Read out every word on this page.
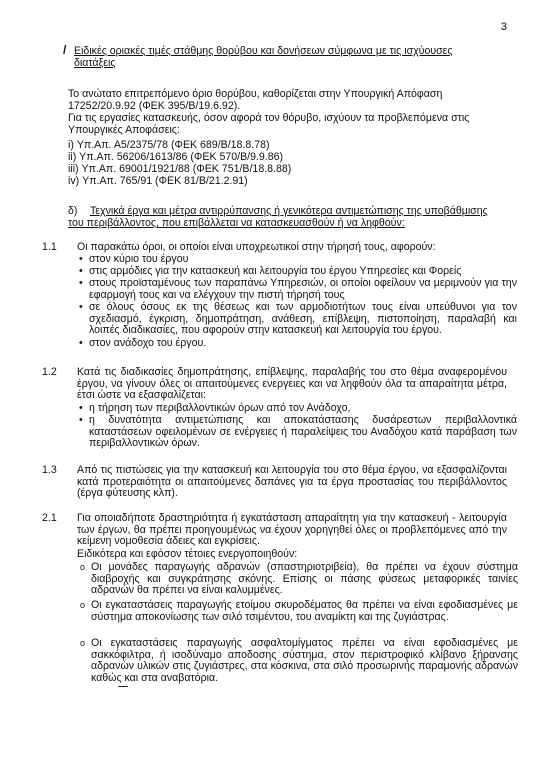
3

/ Ειδικές οριακές τιμές στάθμης θορύβου και δονήσεων σύμφωνα με τις ισχύουσες

διατάξεις

Το ανώτατο επιτρεπόμενο όριο θορύβου, καθορίζεται στην Υπουργική Απόφαση

17252/20.9.92 (ΦΕΚ 395/Β/19.6.92).

Για τις εργασίες κατασκευής, όσον αφορά τον θόρυβο, ισχύουν τα προβλεπόμενα στις

Υπουργικές Αποφάσεις:

i) Υπ.Απ. Α5/2375/78 (ΦΕΚ 689/Β/18.8.78)

ii) Υπ.Απ. 56206/1613/86 (ΦΕΚ 570/Β/9.9.86)

iii) Υπ.Απ. 69001/1921/88 (ΦΕΚ 751/Β/18.8.88)

iv) Υπ.Απ. 765/91 (ΦΕΚ 81/Β/21.2.91)

δ) Τεχνικά έργα και μέτρα αντιρρύπανσης ή γενικότερα αντιμετώπισης της υποβάθμισης

του περιβάλλοντος, που επιβάλλεται να κατασκευασθούν ή να ληφθούν:

1.1 Οι παρακάτω όροι, οι οποίοι είναι υποχρεωτικοί στην τήρησή τους, αφορούν:

• στον κύριο του έργου

• στις αρμόδιες για την κατασκευή και λειτουργία του έργου Υπηρεσίες και Φορείς

• στους προϊσταμένους των παραπάνω Υπηρεσιών, οι οποίοι οφείλουν να μεριμνούν για την εφαρμογή τους και να ελέγχουν την πιστή τήρησή τους

• σε όλους όσους εκ της θέσεως και των αρμοδιοτήτων τους είναι υπεύθυνοι για τον σχεδιασμό, έγκριση, δημοπράτηση, ανάθεση, επίβλεψη, πιστοποίηση, παραλαβή και λοιπές διαδικασίες, που αφορούν στην κατασκευή και λειτουργία του έργου.

• στον ανάδοχο του έργου.

1.2 Κατά τις διαδικασίες δημοπράτησης, επίβλεψης, παραλαβής του στο θέμα αναφερομένου έργου, να γίνουν όλες οι απαιτούμενες ενεργειες και να ληφθούν όλα τα απαραίτητα μέτρα, έτσι ώστε να εξασφαλίζεται:

• η τήρηση των περιβαλλοντικών όρων από τον Ανάδοχο,

• η δυνατότητα αντιμετώπισης και αποκατάστασης δυσάρεστων περιβαλλοντικά καταστάσεων οφειλομένων σε ενέργειες ή παραλείψεις του Αναδόχου κατά παράβαση των περιβαλλοντικών όρων.

1.3 Από τις πιστώσεις για την κατασκευή και λειτουργία του στο θέμα έργου, να εξασφαλίζονται κατά προτεραιότητα οι απαιτούμενες δαπάνες για τα έργα προστασίας του περιβάλλοντος (έργα φύτευσης κλπ).

2.1 Για οποιαδήποτε δραστηριότητα ή εγκατάσταση απαραίτητη για την κατασκευή - λειτουργία των έργων, θα πρέπει προηγουμένως να έχουν χορηγηθεί όλες οι προβλεπόμενες από την κείμενη νομοθεσία άδειες και εγκρίσεις.

Ειδικότερα και εφόσον τέτοιες ενεργοποιηθούν:

o Οι μονάδες παραγωγής αδρανών (σπαστηριοτριβεία), θα πρέπει να έχουν σύστημα διαβροχής και συγκράτησης σκόνης. Επίσης οι πάσης φύσεως μεταφορικές ταινίες αδρανών θα πρέπει να είναι καλυμμένες.

o Οι εγκαταστάσεις παραγωγής ετοίμου σκυροδέματος θα πρέπει να είναι εφοδιασμένες με σύστημα αποκονίωσης των σιλό τσιμέντου, του αναμίκτη και της ζυγιάστρας.

o Οι εγκαταστάσεις παραγωγής ασφαλτομίγματος πρέπει να είναι εφοδιασμένες με σακκόφιλτρα, ή ισοδύναμο αποδοσης σύστημα, στον περιστροφικό κλίβανο ξήρανσης αδρανών υλικών στις ζυγιάστρες, στα κόσκινα, στα σιλό προσωρινής παραμονής αδρανών καθώς και στα αναβατόρια.
